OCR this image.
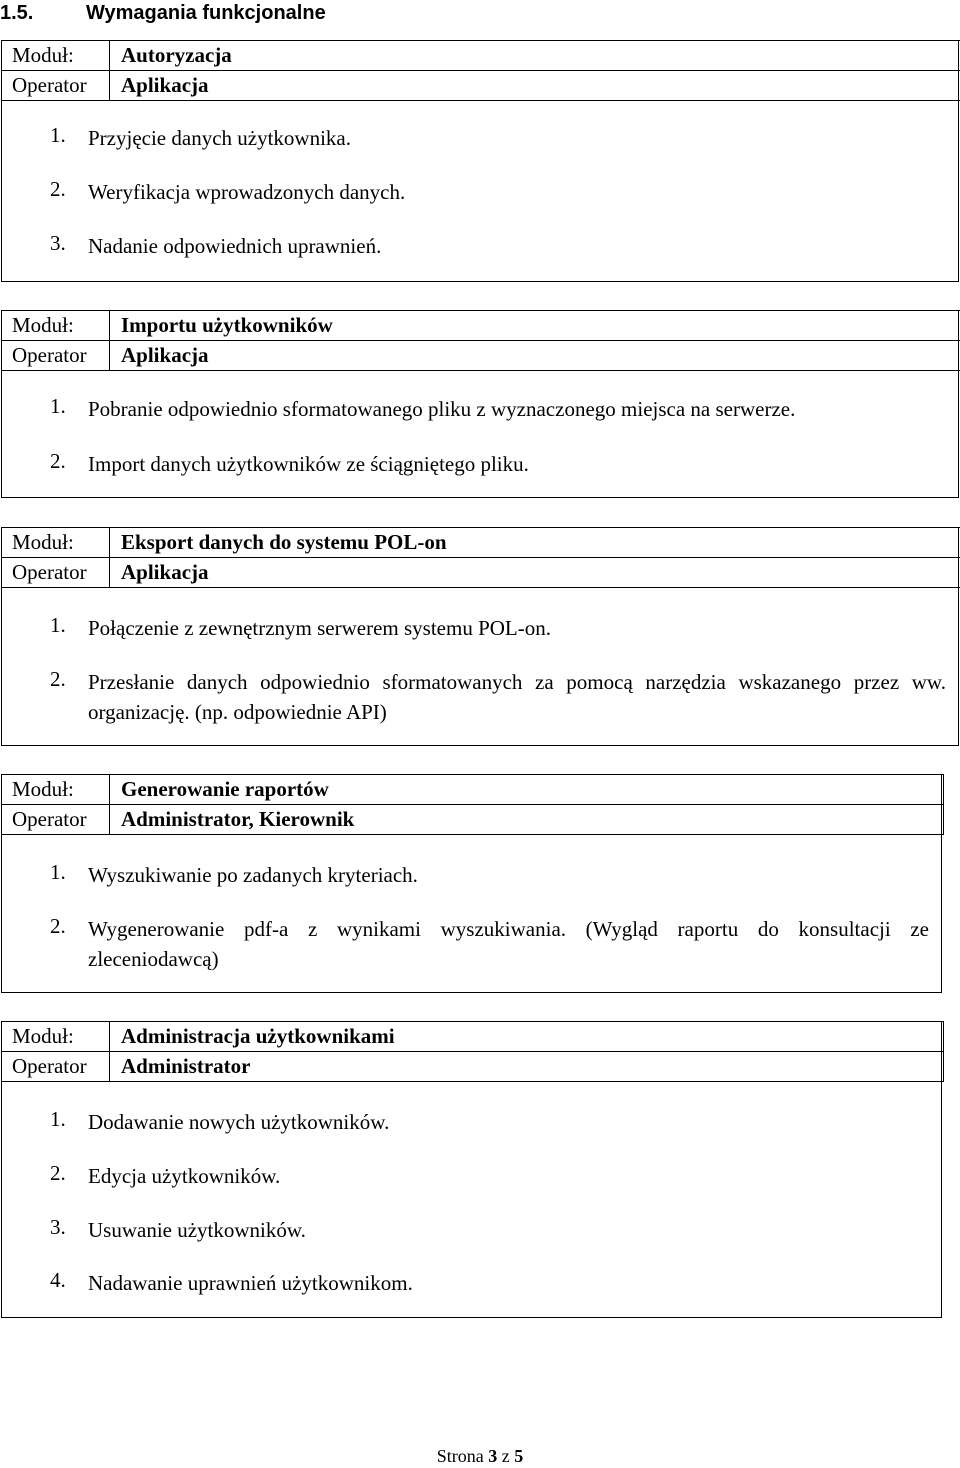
1.5.	Wymagania funkcjonalne
Moduł:	Autoryzacja
Operator	Aplikacja
1. Przyjęcie danych użytkownika.
2. Weryfikacja wprowadzonych danych.
3. Nadanie odpowiednich uprawnień.
Moduł:	Importu użytkowników
Operator	Aplikacja
1. Pobranie odpowiednio sformatowanego pliku z wyznaczonego miejsca na serwerze.
2. Import danych użytkowników ze ściągniętego pliku.
Moduł:	Eksport danych do systemu POL-on
Operator	Aplikacja
1. Połączenie z zewnętrznym serwerem systemu POL-on.
2. Przesłanie danych odpowiednio sformatowanych za pomocą narzędzia wskazanego przez ww. organizację. (np. odpowiednie API)
Moduł:	Generowanie raportów
Operator	Administrator, Kierownik
1. Wyszukiwanie po zadanych kryteriach.
2. Wygenerowanie pdf-a z wynikami wyszukiwania. (Wygląd raportu do konsultacji ze zleceniodawcą)
Moduł:	Administracja użytkownikami
Operator	Administrator
1. Dodawanie nowych użytkowników.
2. Edycja użytkowników.
3. Usuwanie użytkowników.
4. Nadawanie uprawnień użytkownikom.
Strona 3 z 5
